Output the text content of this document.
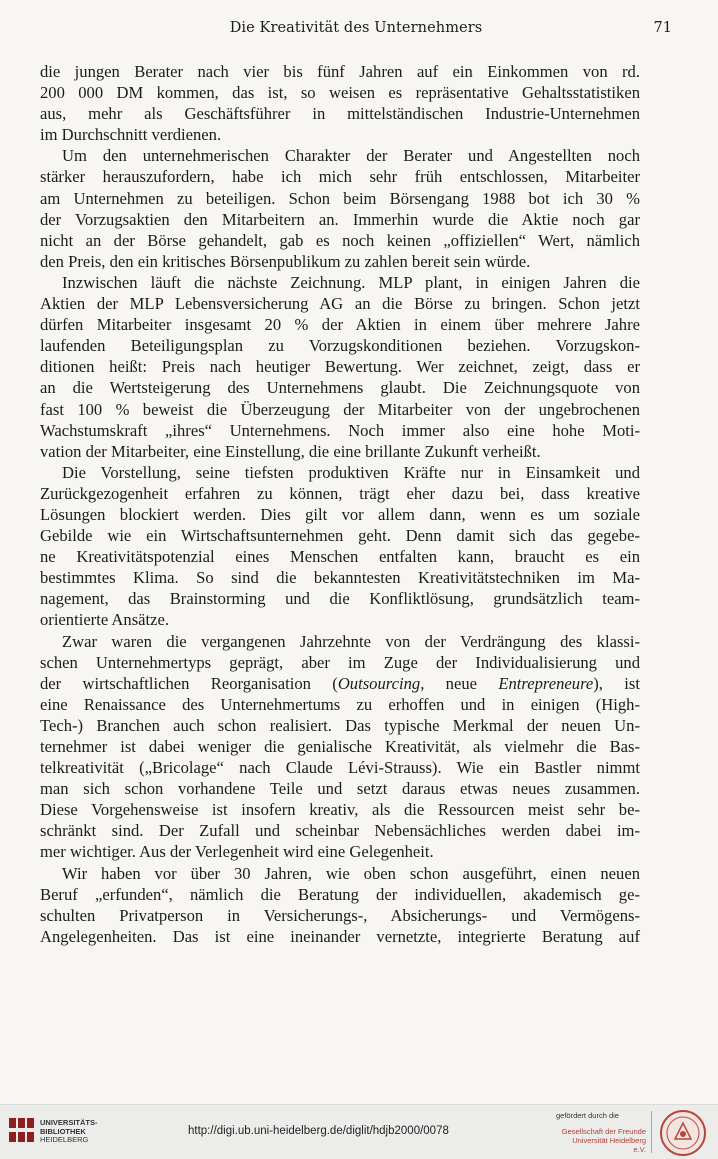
Die Kreativität des Unternehmers	71

die jungen Berater nach vier bis fünf Jahren auf ein Einkommen von rd.
200 000 DM kommen, das ist, so weisen es repräsentative Gehaltsstatistiken
aus, mehr als Geschäftsführer in mittelständischen Industrie-Unternehmen
im Durchschnitt verdienen.

Um den unternehmerischen Charakter der Berater und Angestellten noch
stärker herauszufordern, habe ich mich sehr früh entschlossen, Mitarbeiter
am Unternehmen zu beteiligen. Schon beim Börsengang 1988 bot ich 30 %
der Vorzugsaktien den Mitarbeitern an. Immerhin wurde die Aktie noch gar
nicht an der Börse gehandelt, gab es noch keinen „offiziellen“ Wert, nämlich
den Preis, den ein kritisches Börsenpublikum zu zahlen bereit sein würde.

Inzwischen läuft die nächste Zeichnung. MLP plant, in einigen Jahren die
Aktien der MLP Lebensversicherung AG an die Börse zu bringen. Schon jetzt
dürfen Mitarbeiter insgesamt 20 % der Aktien in einem über mehrere Jahre
laufenden Beteiligungsplan zu Vorzugskonditionen beziehen. Vorzugskon-
ditionen heißt: Preis nach heutiger Bewertung. Wer zeichnet, zeigt, dass er
an die Wertsteigerung des Unternehmens glaubt. Die Zeichnungsquote von
fast 100 % beweist die Überzeugung der Mitarbeiter von der ungebrochenen
Wachstumskraft „ihres“ Unternehmens. Noch immer also eine hohe Moti-
vation der Mitarbeiter, eine Einstellung, die eine brillante Zukunft verheißt.

Die Vorstellung, seine tiefsten produktiven Kräfte nur in Einsamkeit und
Zurückgezogenheit erfahren zu können, trägt eher dazu bei, dass kreative
Lösungen blockiert werden. Dies gilt vor allem dann, wenn es um soziale
Gebilde wie ein Wirtschaftsunternehmen geht. Denn damit sich das gegebe-
ne Kreativitätspotenzial eines Menschen entfalten kann, braucht es ein
bestimmtes Klima. So sind die bekanntesten Kreativitätstechniken im Ma-
nagement, das Brainstorming und die Konfliktlösung, grundsätzlich team-
orientierte Ansätze.

Zwar waren die vergangenen Jahrzehnte von der Verdrängung des klassi-
schen Unternehmertyps geprägt, aber im Zuge der Individualisierung und
der wirtschaftlichen Reorganisation (Outsourcing, neue Entrepreneure), ist
eine Renaissance des Unternehmertums zu erhoffen und in einigen (High-
Tech-) Branchen auch schon realisiert. Das typische Merkmal der neuen Un-
ternehmer ist dabei weniger die genialische Kreativität, als vielmehr die Bas-
telkreativität („Bricolage“ nach Claude Lévi-Strauss). Wie ein Bastler nimmt
man sich schon vorhandene Teile und setzt daraus etwas neues zusammen.
Diese Vorgehensweise ist insofern kreativ, als die Ressourcen meist sehr be-
schränkt sind. Der Zufall und scheinbar Nebensächliches werden dabei im-
mer wichtiger. Aus der Verlegenheit wird eine Gelegenheit.

Wir haben vor über 30 Jahren, wie oben schon ausgeführt, einen neuen
Beruf „erfunden“, nämlich die Beratung der individuellen, akademisch ge-
schulten Privatperson in Versicherungs-, Absicherungs- und Vermögens-
Angelegenheiten. Das ist eine ineinander vernetzte, integrierte Beratung auf

UNIVERSITÄTS-
BIBLIOTHEK
HEIDELBERG
http://digi.ub.uni-heidelberg.de/diglit/hdjb2000/0078
gefördert durch die
Gesellschaft der Freunde
Universität Heidelberg e.V.
